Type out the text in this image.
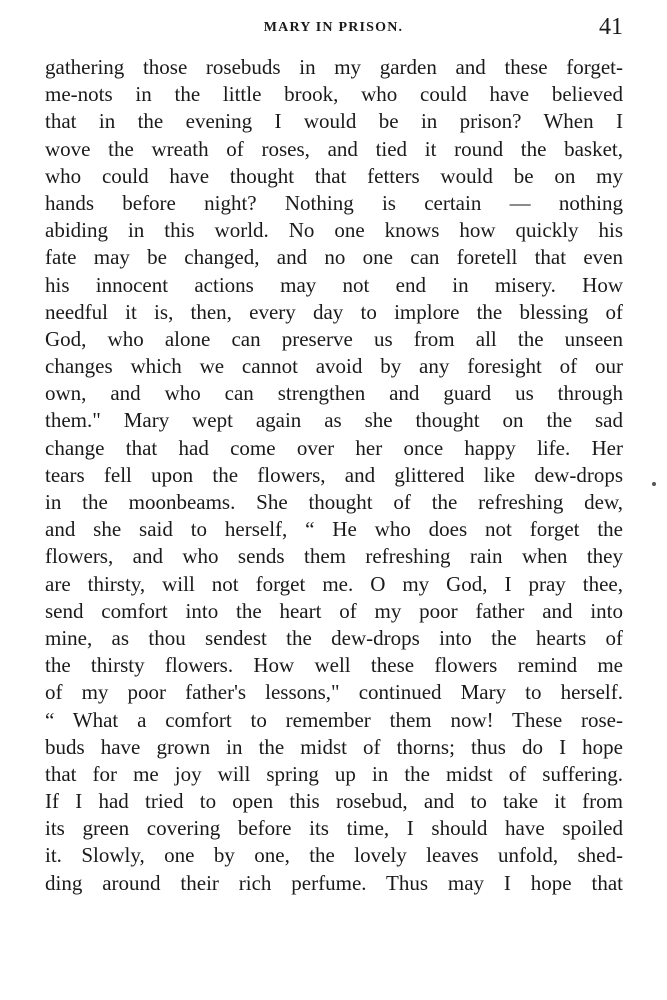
MARY IN PRISON.	41
gathering those rosebuds in my garden and these forget-
me-nots in the little brook, who could have believed
that in the evening I would be in prison? When I
wove the wreath of roses, and tied it round the basket,
who could have thought that fetters would be on my
hands before night? Nothing is certain — nothing
abiding in this world. No one knows how quickly his
fate may be changed, and no one can foretell that even
his innocent actions may not end in misery. How
needful it is, then, every day to implore the blessing of
God, who alone can preserve us from all the unseen
changes which we cannot avoid by any foresight of our
own, and who can strengthen and guard us through
them." Mary wept again as she thought on the sad
change that had come over her once happy life. Her
tears fell upon the flowers, and glittered like dew-drops
in the moonbeams. She thought of the refreshing dew,
and she said to herself, “ He who does not forget the
flowers, and who sends them refreshing rain when they
are thirsty, will not forget me. O my God, I pray thee,
send comfort into the heart of my poor father and into
mine, as thou sendest the dew-drops into the hearts of
the thirsty flowers. How well these flowers remind me
of my poor father's lessons," continued Mary to herself.
“ What a comfort to remember them now! These rose-
buds have grown in the midst of thorns; thus do I hope
that for me joy will spring up in the midst of suffering.
If I had tried to open this rosebud, and to take it from
its green covering before its time, I should have spoiled
it. Slowly, one by one, the lovely leaves unfold, shed-
ding around their rich perfume. Thus may I hope that
